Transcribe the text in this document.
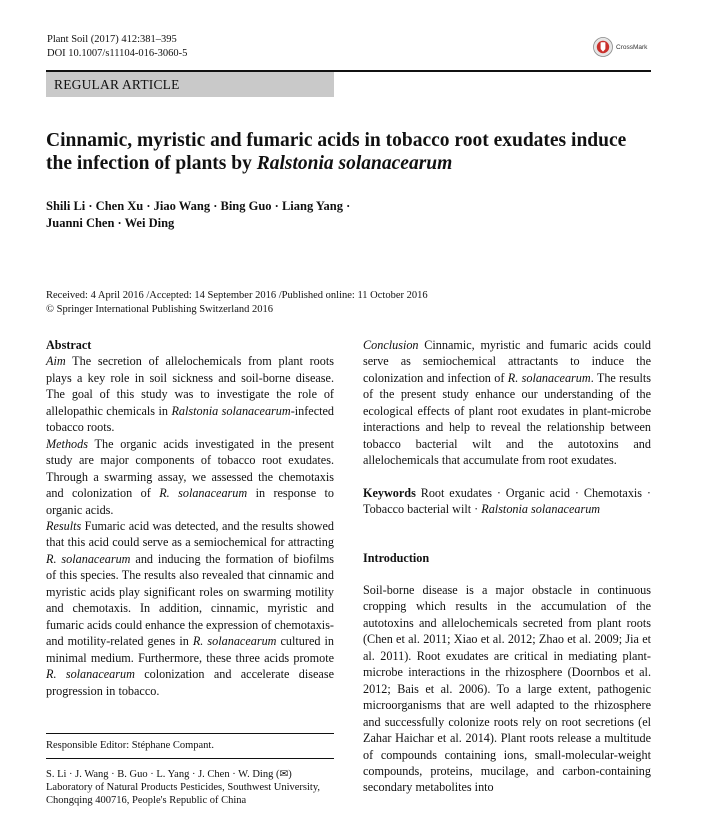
Plant Soil (2017) 412:381–395
DOI 10.1007/s11104-016-3060-5
CrossMark
REGULAR ARTICLE
Cinnamic, myristic and fumaric acids in tobacco root exudates induce the infection of plants by Ralstonia solanacearum
Shili Li · Chen Xu · Jiao Wang · Bing Guo · Liang Yang ·
Juanni Chen · Wei Ding
Received: 4 April 2016 /Accepted: 14 September 2016 /Published online: 11 October 2016
© Springer International Publishing Switzerland 2016

Abstract

Aim The secretion of allelochemicals from plant roots plays a key role in soil sickness and soil-borne disease. The goal of this study was to investigate the role of allelopathic chemicals in Ralstonia solanacearum-infected tobacco roots.

Methods The organic acids investigated in the present study are major components of tobacco root exudates. Through a swarming assay, we assessed the chemotaxis and colonization of R. solanacearum in response to organic acids.

Results Fumaric acid was detected, and the results showed that this acid could serve as a semiochemical for attracting R. solanacearum and inducing the formation of biofilms of this species. The results also revealed that cinnamic and myristic acids play significant roles on swarming motility and chemotaxis. In addition, cinnamic, myristic and fumaric acids could enhance the expression of chemotaxis- and motility-related genes in R. solanacearum cultured in minimal medium. Furthermore, these three acids promote R. solanacearum colonization and accelerate disease progression in tobacco.

Conclusion Cinnamic, myristic and fumaric acids could serve as semiochemical attractants to induce the colonization and infection of R. solanacearum. The results of the present study enhance our understanding of the ecological effects of plant root exudates in plant-microbe interactions and help to reveal the relationship between tobacco bacterial wilt and the autotoxins and allelochemicals that accumulate from root exudates.

Keywords Root exudates · Organic acid · Chemotaxis · Tobacco bacterial wilt · Ralstonia solanacearum

Introduction

Soil-borne disease is a major obstacle in continuous cropping which results in the accumulation of the autotoxins and allelochemicals secreted from plant roots (Chen et al. 2011; Xiao et al. 2012; Zhao et al. 2009; Jia et al. 2011). Root exudates are critical in mediating plant-microbe interactions in the rhizosphere (Doornbos et al. 2012; Bais et al. 2006). To a large extent, pathogenic microorganisms that are well adapted to the rhizosphere and successfully colonize roots rely on root secretions (el Zahar Haichar et al. 2014). Plant roots release a multitude of compounds containing ions, small-molecular-weight compounds, proteins, mucilage, and carbon-containing secondary metabolites into

Responsible Editor: Stéphane Compant.
S. Li · J. Wang · B. Guo · L. Yang · J. Chen · W. Ding (✉)
Laboratory of Natural Products Pesticides, Southwest University, Chongqing 400716, People's Republic of China
